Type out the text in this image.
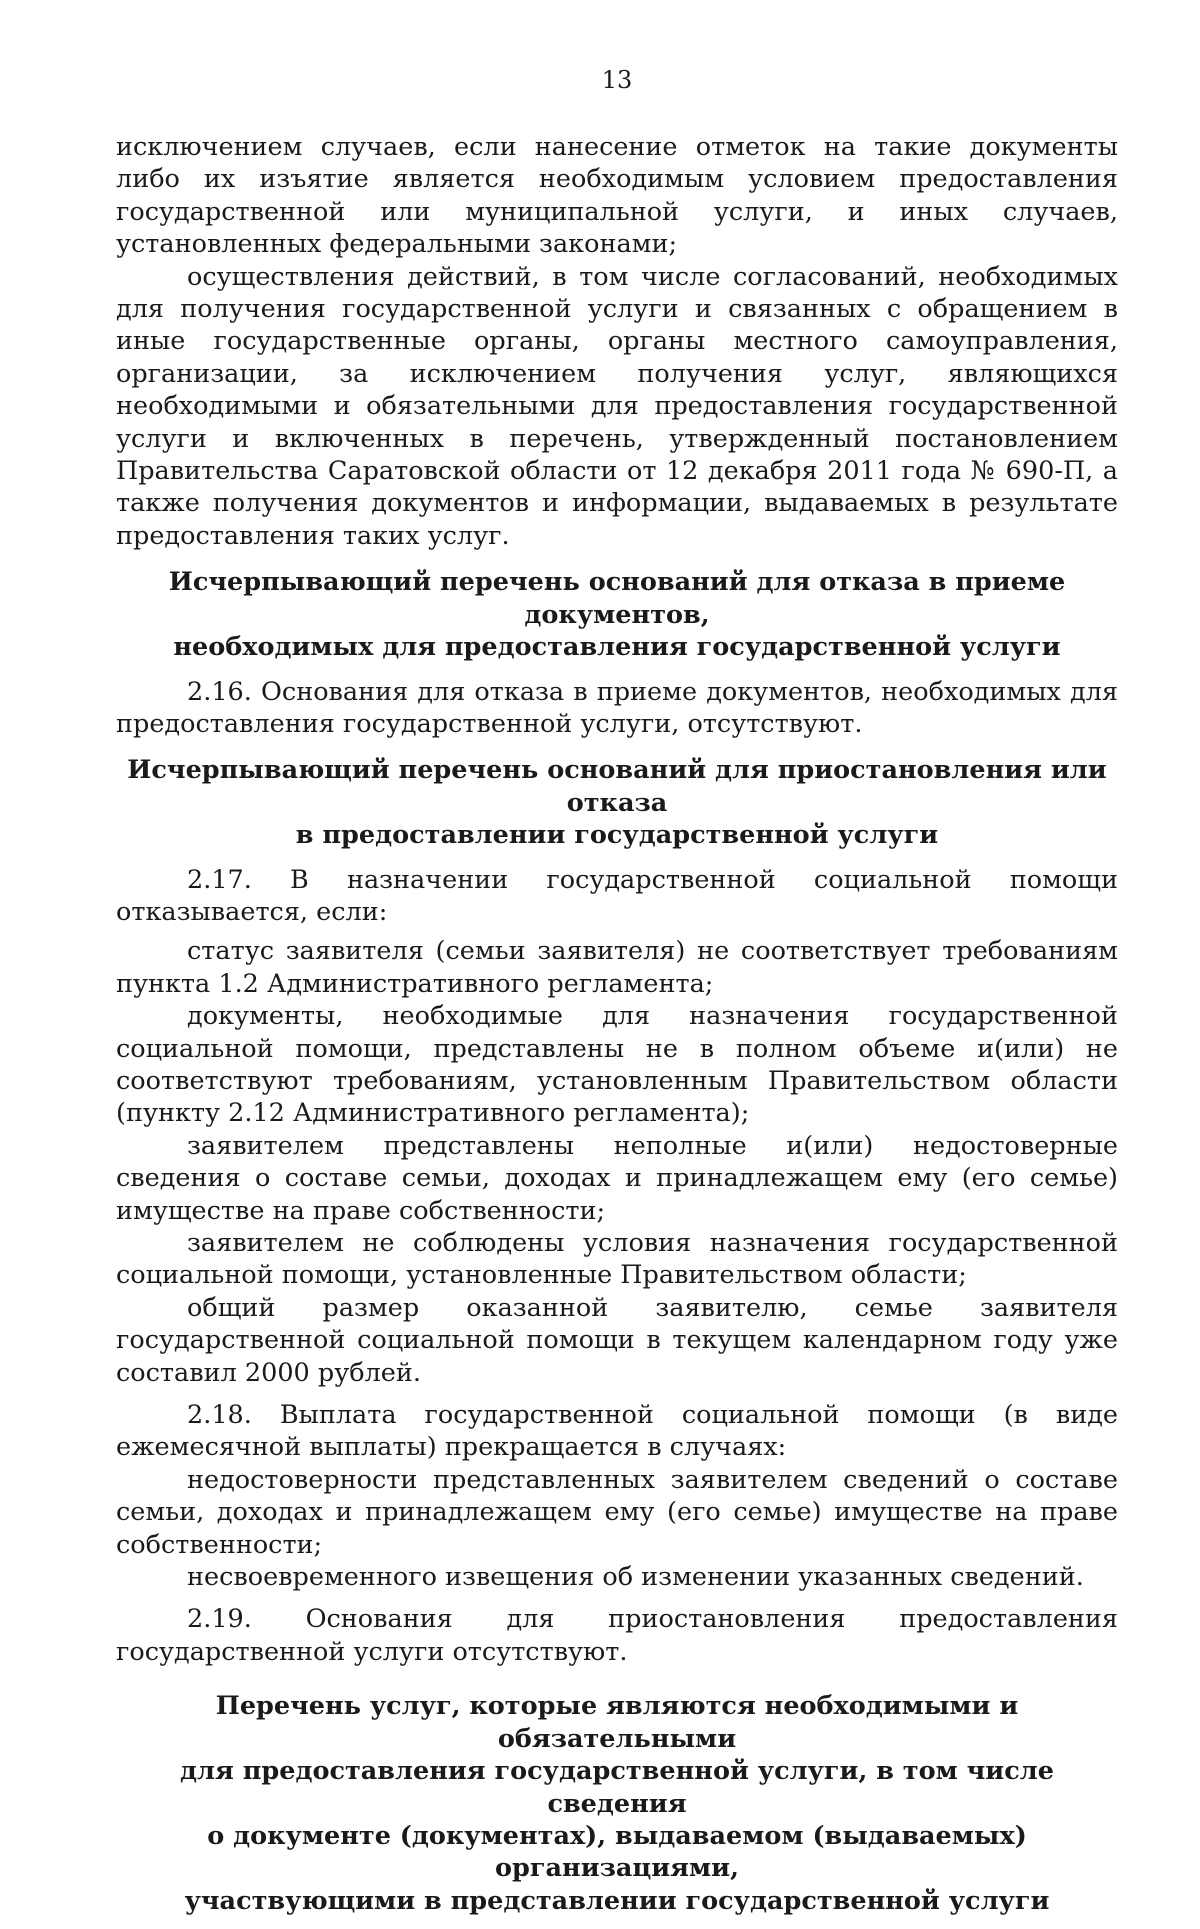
13

исключением случаев, если нанесение отметок на такие документы либо их изъятие является необходимым условием предоставления государственной или муниципальной услуги, и иных случаев, установленных федеральными законами;

осуществления действий, в том числе согласований, необходимых для получения государственной услуги и связанных с обращением в иные государственные органы, органы местного самоуправления, организации, за исключением получения услуг, являющихся необходимыми и обязательными для предоставления государственной услуги и включенных в перечень, утвержденный постановлением Правительства Саратовской области от 12 декабря 2011 года № 690-П, а также получения документов и информации, выдаваемых в результате предоставления таких услуг.

Исчерпывающий перечень оснований для отказа в приеме документов,
необходимых для предоставления государственной услуги

2.16. Основания для отказа в приеме документов, необходимых для предоставления государственной услуги, отсутствуют.

Исчерпывающий перечень оснований для приостановления или отказа
в предоставлении государственной услуги

2.17. В назначении государственной социальной помощи отказывается, если:

статус заявителя (семьи заявителя) не соответствует требованиям пункта 1.2 Административного регламента;

документы, необходимые для назначения государственной социальной помощи, представлены не в полном объеме и(или) не соответствуют требованиям, установленным Правительством области (пункту 2.12 Административного регламента);

заявителем представлены неполные и(или) недостоверные сведения о составе семьи, доходах и принадлежащем ему (его семье) имуществе на праве собственности;

заявителем не соблюдены условия назначения государственной социальной помощи, установленные Правительством области;

общий размер оказанной заявителю, семье заявителя государственной социальной помощи в текущем календарном году уже составил 2000 рублей.

2.18. Выплата государственной социальной помощи (в виде ежемесячной выплаты) прекращается в случаях:

недостоверности представленных заявителем сведений о составе семьи, доходах и принадлежащем ему (его семье) имуществе на праве собственности;

несвоевременного извещения об изменении указанных сведений.

2.19. Основания для приостановления предоставления государственной услуги отсутствуют.

Перечень услуг, которые являются необходимыми и обязательными
для предоставления государственной услуги, в том числе сведения
о документе (документах), выдаваемом (выдаваемых) организациями,
участвующими в представлении государственной услуги
